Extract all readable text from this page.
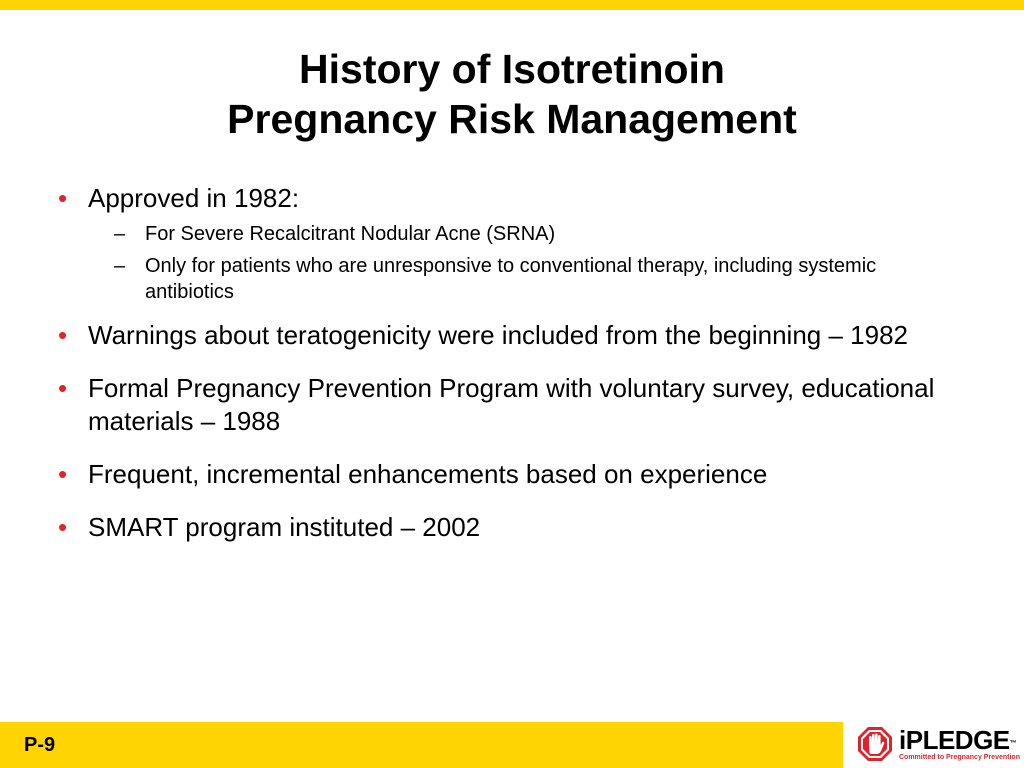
History of Isotretinoin
Pregnancy Risk Management
• Approved in 1982:
– For Severe Recalcitrant Nodular Acne (SRNA)
– Only for patients who are unresponsive to conventional therapy, including systemic antibiotics
• Warnings about teratogenicity were included from the beginning – 1982
• Formal Pregnancy Prevention Program with voluntary survey, educational materials – 1988
• Frequent, incremental enhancements based on experience
• SMART program instituted – 2002
P-9	iPLEDGE™
Committed to Pregnancy Prevention
